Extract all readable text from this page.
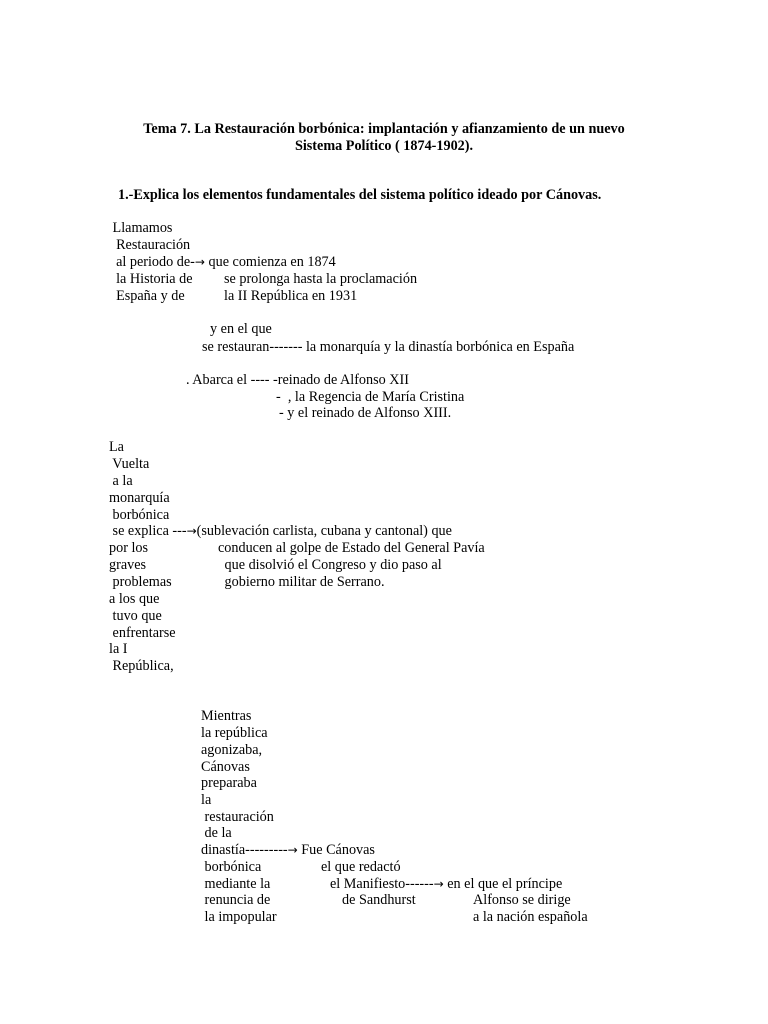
Tema 7. La Restauración borbónica: implantación y afianzamiento de un nuevo
Sistema Político ( 1874-1902).
1.-Explica los elementos fundamentales del sistema político ideado por Cánovas.
Llamamos
Restauración
al periodo de-→ que comienza en 1874
la Historia de
España y de
se prolonga hasta la proclamación
la II República en 1931
y en el que
se restauran------- la monarquía y la dinastía borbónica en España
. Abarca el ---- -reinado de Alfonso XII
-  , la Regencia de María Cristina
- y el reinado de Alfonso XIII.
La
Vuelta
a la
monarquía
borbónica
se explica ---→(sublevación carlista, cubana y cantonal) que
por los
graves
problemas
a los que
tuvo que
enfrentarse
la I
República,
conducen al golpe de Estado del General Pavía
que disolvió el Congreso y dio paso al
gobierno militar de Serrano.
Mientras
la república
agonizaba,
Cánovas
preparaba
la
restauración
de la
dinastía---------→ Fue Cánovas
borbónica
mediante la
renuncia de
la impopular
el que redactó
el Manifiesto------→ en el que el príncipe
de Sandhurst	Alfonso se dirige
a la nación española
